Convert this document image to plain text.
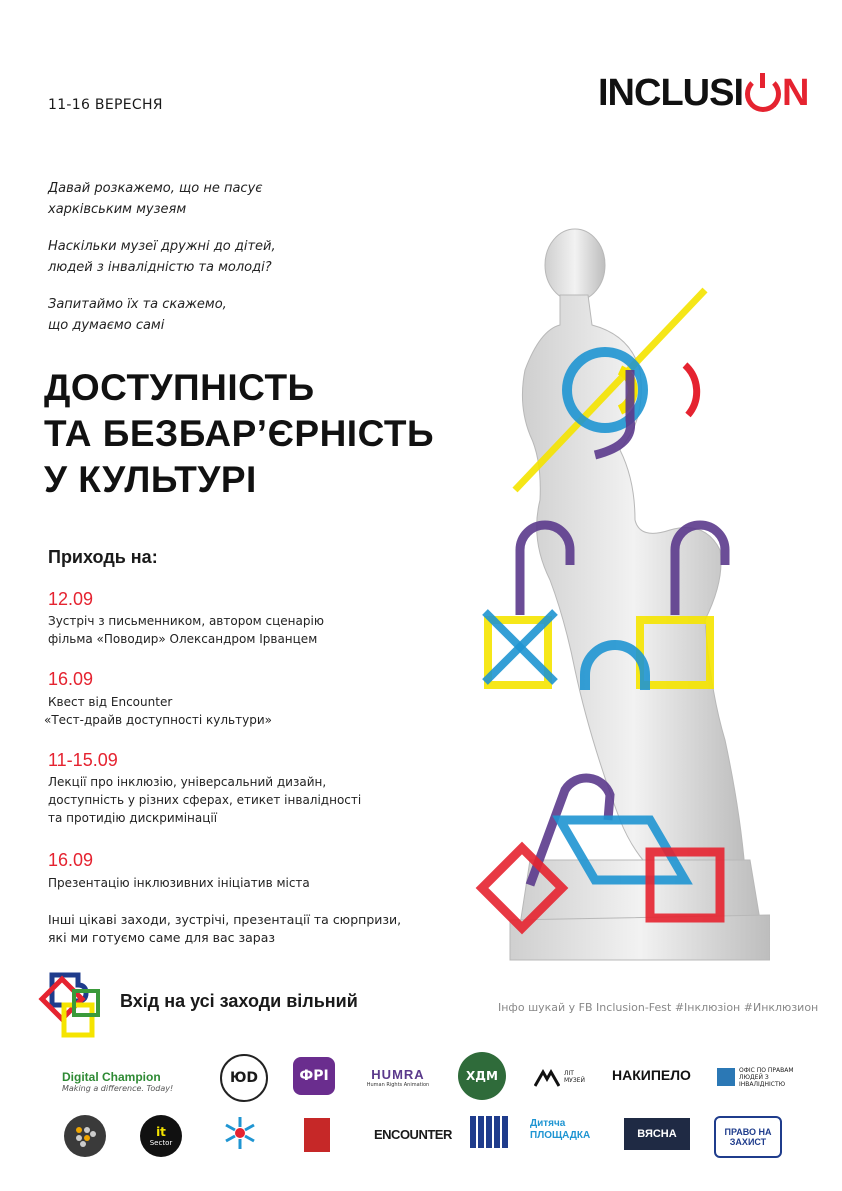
11-16 ВЕРЕСНЯ	INCLUSI N
Давай розкажемо, що не пасує
харківським музеям
Наскільки музеї дружні до дітей,
людей з інвалідністю та молоді?
Запитаймо їх та скажемо,
що думаємо самі
ДОСТУПНІСТЬ
ТА БЕЗБАР’ЄРНІСТЬ
У КУЛЬТУРІ
Приходь на:
12.09
Зустріч з письменником, автором сценарію
фільма «Поводир» Олександром Ірванцем
16.09
Квест від Encounter
«Тест-драйв доступності культури»
11-15.09
Лекції про інклюзію, універсальний дизайн,
доступність у різних сферах, етикет інвалідності
та протидію дискримінації
16.09
Презентацію інклюзивних ініціатив міста
Інші цікаві заходи, зустрічі, презентації та сюрпризи,
які ми готуємо саме для вас зараз
Вхід на усі заходи вільний	Інфо шукай у FB Inclusion-Fest #Інклюзіон #Инклюзион
Digital Champion
Making a difference. Today!
ЮD	ФРІ	HUMRA
Human Rights Animation
ХДМ	ЛІТ МУЗЕЙ	НАКИПЕЛО	ОФІС ПО ПРАВАМ ЛЮДЕЙ З ІНВАЛІДНІСТЮ
it
Sector
ENCOUNTER
Дитяча ПЛОЩАДКА	ВЯСНА	ПРАВО НА ЗАХИСТ
